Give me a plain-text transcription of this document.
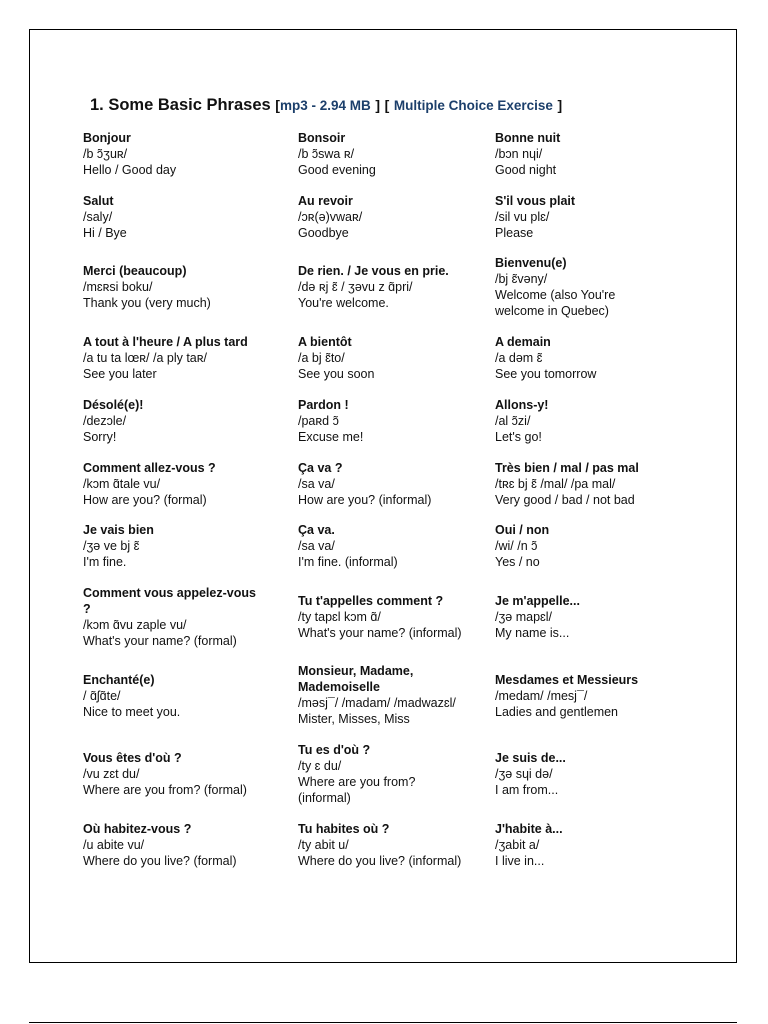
1. Some Basic Phrases [mp3 - 2.94 MB ] [ Multiple Choice Exercise ]
Bonjour
/b ɔ̃ʒuʀ/
Hello / Good day
Bonsoir
/b ɔ̃swa ʀ/
Good evening
Bonne nuit
/bɔn nɥi/
Good night
Salut
/saly/
Hi / Bye
Au revoir
/ɔʀ(ə)vwaʀ/
Goodbye
S'il vous plait
/sil vu plɛ/
Please
Merci (beaucoup)
/mɛʀsi boku/
Thank you (very much)
De rien. / Je vous en prie.
/də ʀj ɛ̃ / ʒəvu z ɑ̃pri/
You're welcome.
Bienvenu(e)
/bj ɛ̃vəny/
Welcome (also You're welcome in Quebec)
A tout à l'heure / A plus tard
/a tu ta lœʀ/ /a ply taʀ/
See you later
A bientôt
/a bj ɛ̃to/
See you soon
A demain
/a dəm ɛ̃
See you tomorrow
Désolé(e)!
/dezɔle/
Sorry!
Pardon !
/paʀd ɔ̃
Excuse me!
Allons-y!
/al ɔ̃zi/
Let's go!
Comment allez-vous ?
/kɔm ɑ̃tale vu/
How are you? (formal)
Ça va ?
/sa va/
How are you? (informal)
Très bien / mal / pas mal
/tʀɛ bj ɛ̃ /mal/ /pa mal/
Very good / bad / not bad
Je vais bien
/ʒə ve bj ɛ̃
I'm fine.
Ça va.
/sa va/
I'm fine. (informal)
Oui / non
/wi/ /n ɔ̃
Yes / no
Comment vous appelez-vous ?
/kɔm ɑ̃vu zaple vu/
What's your name? (formal)
Tu t'appelles comment ?
/ty tapɛl kɔm ɑ̃/
What's your name? (informal)
Je m'appelle...
/ʒə mapɛl/
My name is...
Enchanté(e)
/ ɑ̃ʃɑ̃te/
Nice to meet you.
Monsieur, Madame, Mademoiselle
/məsj¯/ /madam/ /madwazɛl/
Mister, Misses, Miss
Mesdames et Messieurs
/medam/ /mesj¯/
Ladies and gentlemen
Vous êtes d'où ?
/vu zɛt du/
Where are you from? (formal)
Tu es d'où ?
/ty ɛ du/
Where are you from? (informal)
Je suis de...
/ʒə sɥi də/
I am from...
Où habitez-vous ?
/u abite vu/
Where do you live? (formal)
Tu habites où ?
/ty abit u/
Where do you live? (informal)
J'habite à...
/ʒabit a/
I live in...
